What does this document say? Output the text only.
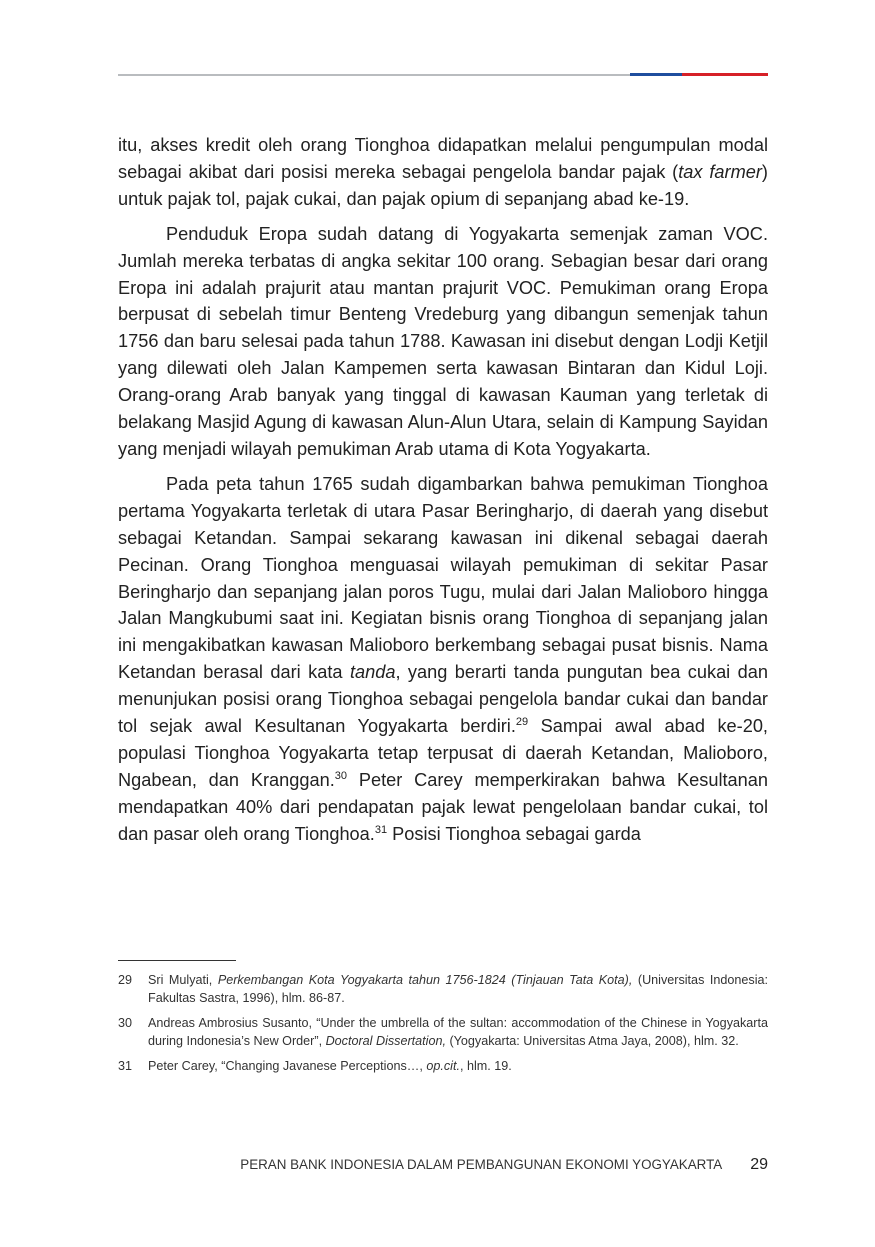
itu, akses kredit oleh orang Tionghoa didapatkan melalui pengumpulan modal sebagai akibat dari posisi mereka sebagai pengelola bandar pajak (tax farmer) untuk pajak tol, pajak cukai, dan pajak opium di sepanjang abad ke-19.

Penduduk Eropa sudah datang di Yogyakarta semenjak zaman VOC. Jumlah mereka terbatas di angka sekitar 100 orang. Sebagian besar dari orang Eropa ini adalah prajurit atau mantan prajurit VOC. Pemukiman orang Eropa berpusat di sebelah timur Benteng Vredeburg yang dibangun semenjak tahun 1756 dan baru selesai pada tahun 1788. Kawasan ini disebut dengan Lodji Ketjil yang dilewati oleh Jalan Kampemen serta kawasan Bintaran dan Kidul Loji. Orang-orang Arab banyak yang tinggal di kawasan Kauman yang terletak di belakang Masjid Agung di kawasan Alun-Alun Utara, selain di Kampung Sayidan yang menjadi wilayah pemukiman Arab utama di Kota Yogyakarta.

Pada peta tahun 1765 sudah digambarkan bahwa pemukiman Tionghoa pertama Yogyakarta terletak di utara Pasar Beringharjo, di daerah yang disebut sebagai Ketandan. Sampai sekarang kawasan ini dikenal sebagai daerah Pecinan. Orang Tionghoa menguasai wilayah pemukiman di sekitar Pasar Beringharjo dan sepanjang jalan poros Tugu, mulai dari Jalan Malioboro hingga Jalan Mangkubumi saat ini. Kegiatan bisnis orang Tionghoa di sepanjang jalan ini mengakibatkan kawasan Malioboro berkembang sebagai pusat bisnis. Nama Ketandan berasal dari kata tanda, yang berarti tanda pungutan bea cukai dan menunjukan posisi orang Tionghoa sebagai pengelola bandar cukai dan bandar tol sejak awal Kesultanan Yogyakarta berdiri.$^{29}$ Sampai awal abad ke-20, populasi Tionghoa Yogyakarta tetap terpusat di daerah Ketandan, Malioboro, Ngabean, dan Kranggan.$^{30}$ Peter Carey memperkirakan bahwa Kesultanan mendapatkan 40% dari pendapatan pajak lewat pengelolaan bandar cukai, tol dan pasar oleh orang Tionghoa.$^{31}$ Posisi Tionghoa sebagai garda

29	Sri Mulyati, Perkembangan Kota Yogyakarta tahun 1756-1824 (Tinjauan Tata Kota), (Universitas Indonesia: Fakultas Sastra, 1996), hlm. 86-87.
30	Andreas Ambrosius Susanto, “Under the umbrella of the sultan: accommodation of the Chinese in Yogyakarta during Indonesia’s New Order”, Doctoral Dissertation, (Yogyakarta: Universitas Atma Jaya, 2008), hlm. 32.
31	Peter Carey, “Changing Javanese Perceptions…, op.cit., hlm. 19.
PERAN BANK INDONESIA DALAM PEMBANGUNAN EKONOMI YOGYAKARTA 29
